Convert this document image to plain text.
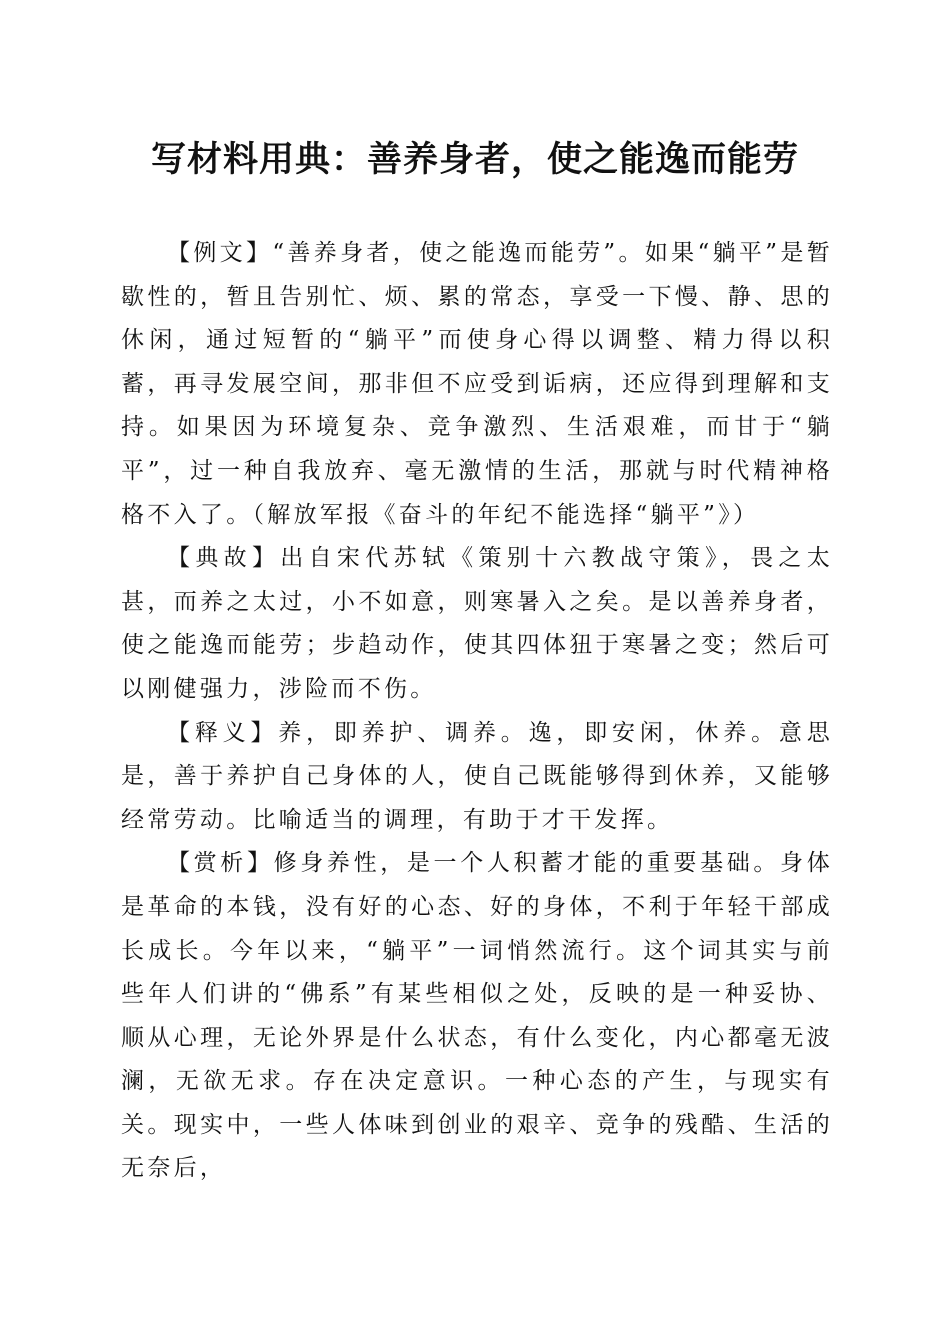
写材料用典：善养身者，使之能逸而能劳

【例文】“善养身者，使之能逸而能劳”。如果“躺平”是暂歇性的，暂且告别忙、烦、累的常态，享受一下慢、静、思的休闲，通过短暂的“躺平”而使身心得以调整、精力得以积蓄，再寻发展空间，那非但不应受到诟病，还应得到理解和支持。如果因为环境复杂、竞争激烈、生活艰难，而甘于“躺平”，过一种自我放弃、毫无激情的生活，那就与时代精神格格不入了。（解放军报《奋斗的年纪不能选择“躺平”》）

【典故】出自宋代苏轼《策别十六教战守策》，畏之太甚，而养之太过，小不如意，则寒暑入之矣。是以善养身者，使之能逸而能劳；步趋动作，使其四体狃于寒暑之变；然后可以刚健强力，涉险而不伤。

【释义】养，即养护、调养。逸，即安闲，休养。意思是，善于养护自己身体的人，使自己既能够得到休养，又能够经常劳动。比喻适当的调理，有助于才干发挥。

【赏析】修身养性，是一个人积蓄才能的重要基础。身体是革命的本钱，没有好的心态、好的身体，不利于年轻干部成长成长。今年以来，“躺平”一词悄然流行。这个词其实与前些年人们讲的“佛系”有某些相似之处，反映的是一种妥协、顺从心理，无论外界是什么状态，有什么变化，内心都毫无波澜，无欲无求。存在决定意识。一种心态的产生，与现实有关。现实中，一些人体味到创业的艰辛、竞争的残酷、生活的无奈后，
